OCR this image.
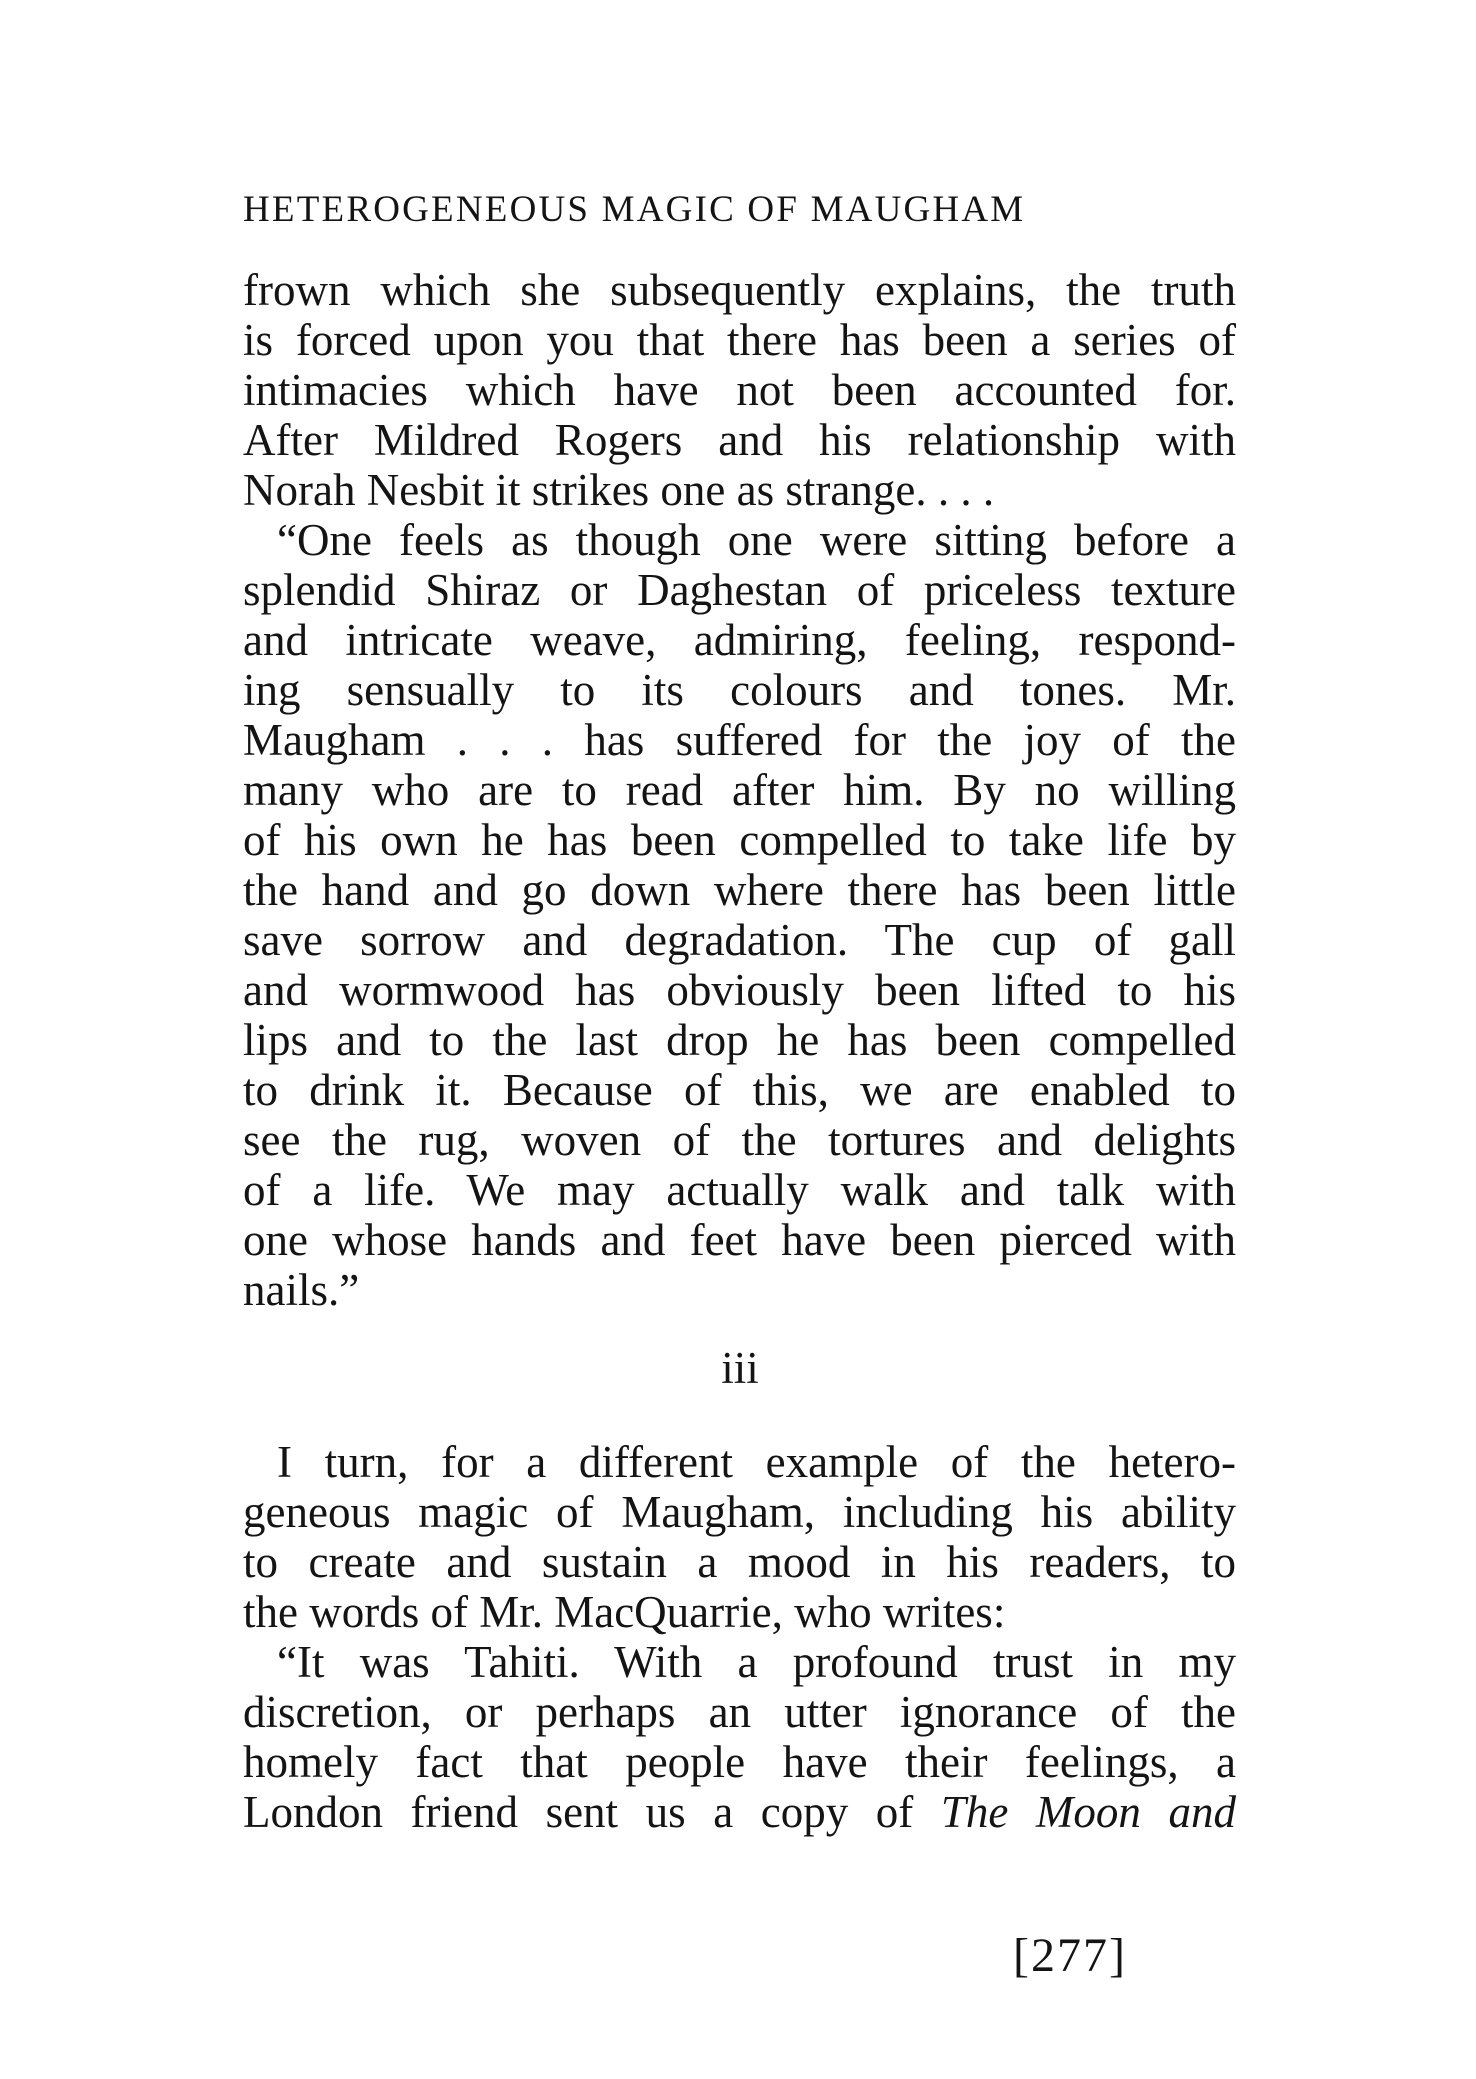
HETEROGENEOUS MAGIC OF MAUGHAM
frown which she subsequently explains, the truth
is forced upon you that there has been a series of
intimacies which have not been accounted for.
After Mildred Rogers and his relationship with
Norah Nesbit it strikes one as strange. . . .
“One feels as though one were sitting before a
splendid Shiraz or Daghestan of priceless texture
and intricate weave, admiring, feeling, respond-
ing sensually to its colours and tones. Mr.
Maugham . . . has suffered for the joy of the
many who are to read after him. By no willing
of his own he has been compelled to take life by
the hand and go down where there has been little
save sorrow and degradation. The cup of gall
and wormwood has obviously been lifted to his
lips and to the last drop he has been compelled
to drink it. Because of this, we are enabled to
see the rug, woven of the tortures and delights
of a life. We may actually walk and talk with
one whose hands and feet have been pierced with
nails.”
iii
I turn, for a different example of the hetero-
geneous magic of Maugham, including his ability
to create and sustain a mood in his readers, to
the words of Mr. MacQuarrie, who writes:
“It was Tahiti. With a profound trust in my
discretion, or perhaps an utter ignorance of the
homely fact that people have their feelings, a
London friend sent us a copy of The Moon and
[277]
